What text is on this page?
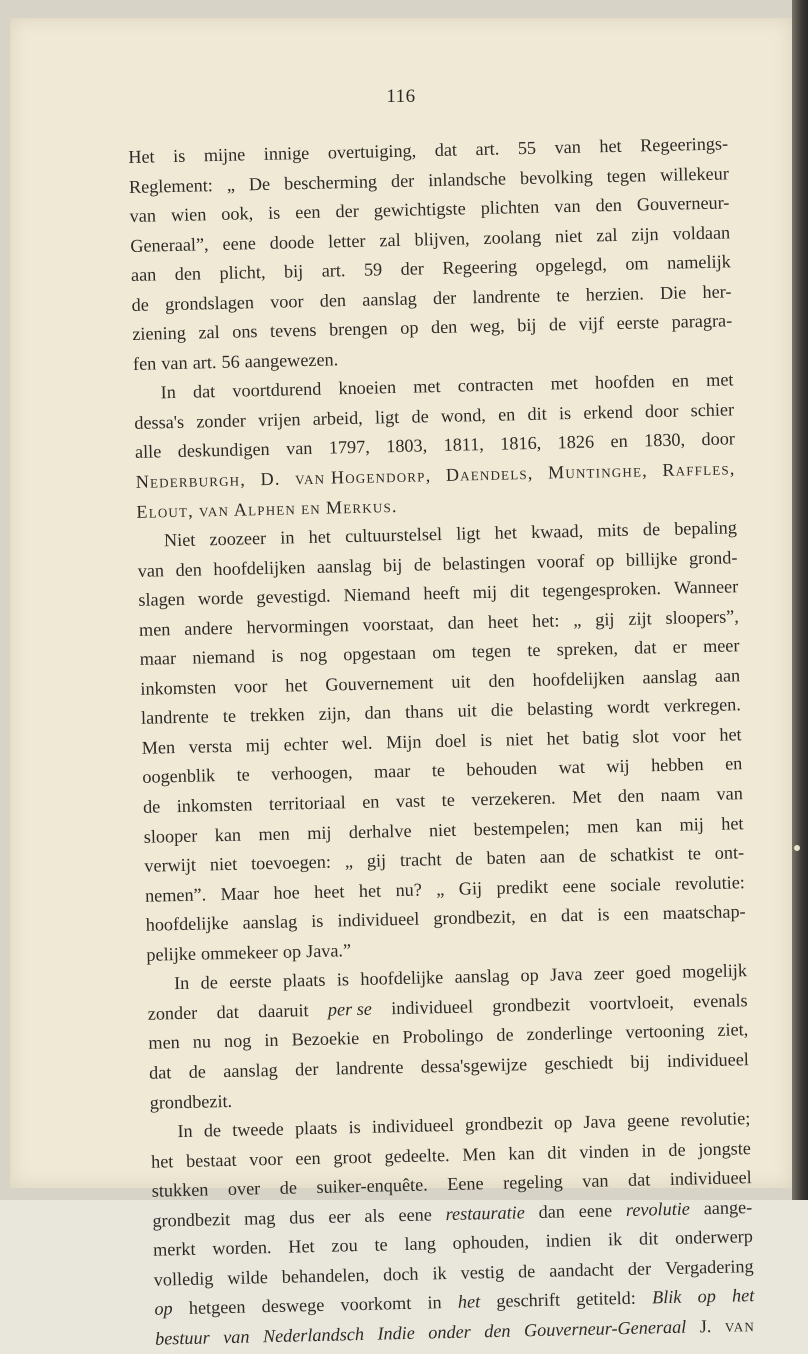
116
Het is mijne innige overtuiging, dat art. 55 van het Regeerings-
Reglement: „ De bescherming der inlandsche bevolking tegen willekeur
van wien ook, is een der gewichtigste plichten van den Gouverneur-
Generaal”, eene doode letter zal blijven, zoolang niet zal zijn voldaan
aan den plicht, bij art. 59 der Regeering opgelegd, om namelijk
de grondslagen voor den aanslag der landrente te herzien. Die her-
ziening zal ons tevens brengen op den weg, bij de vijf eerste paragra-
fen van art. 56 aangewezen.
In dat voortdurend knoeien met contracten met hoofden en met
dessa's zonder vrijen arbeid, ligt de wond, en dit is erkend door schier
alle deskundigen van 1797, 1803, 1811, 1816, 1826 en 1830, door
Nederburgh, D. van Hogendorp, Daendels, Muntinghe, Raffles,
Elout, van Alphen en Merkus.
Niet zoozeer in het cultuurstelsel ligt het kwaad, mits de bepaling
van den hoofdelijken aanslag bij de belastingen vooraf op billijke grond-
slagen worde gevestigd. Niemand heeft mij dit tegengesproken. Wanneer
men andere hervormingen voorstaat, dan heet het: „ gij zijt sloopers”,
maar niemand is nog opgestaan om tegen te spreken, dat er meer
inkomsten voor het Gouvernement uit den hoofdelijken aanslag aan
landrente te trekken zijn, dan thans uit die belasting wordt verkregen.
Men versta mij echter wel. Mijn doel is niet het batig slot voor het
oogenblik te verhoogen, maar te behouden wat wij hebben en
de inkomsten territoriaal en vast te verzekeren. Met den naam van
slooper kan men mij derhalve niet bestempelen; men kan mij het
verwijt niet toevoegen: „ gij tracht de baten aan de schatkist te ont-
nemen”. Maar hoe heet het nu? „ Gij predikt eene sociale revolutie:
hoofdelijke aanslag is individueel grondbezit, en dat is een maatschap-
pelijke ommekeer op Java.”
In de eerste plaats is hoofdelijke aanslag op Java zeer goed mogelijk
zonder dat daaruit per se individueel grondbezit voortvloeit, evenals
men nu nog in Bezoekie en Probolingo de zonderlinge vertooning ziet,
dat de aanslag der landrente dessa'sgewijze geschiedt bij individueel
grondbezit.
In de tweede plaats is individueel grondbezit op Java geene revolutie;
het bestaat voor een groot gedeelte. Men kan dit vinden in de jongste
stukken over de suiker-enquête. Eene regeling van dat individueel
grondbezit mag dus eer als eene restauratie dan eene revolutie aange-
merkt worden. Het zou te lang ophouden, indien ik dit onderwerp
volledig wilde behandelen, doch ik vestig de aandacht der Vergadering
op hetgeen deswege voorkomt in het geschrift getiteld: Blik op het
bestuur van Nederlandsch Indie onder den Gouverneur-Generaal J. van
